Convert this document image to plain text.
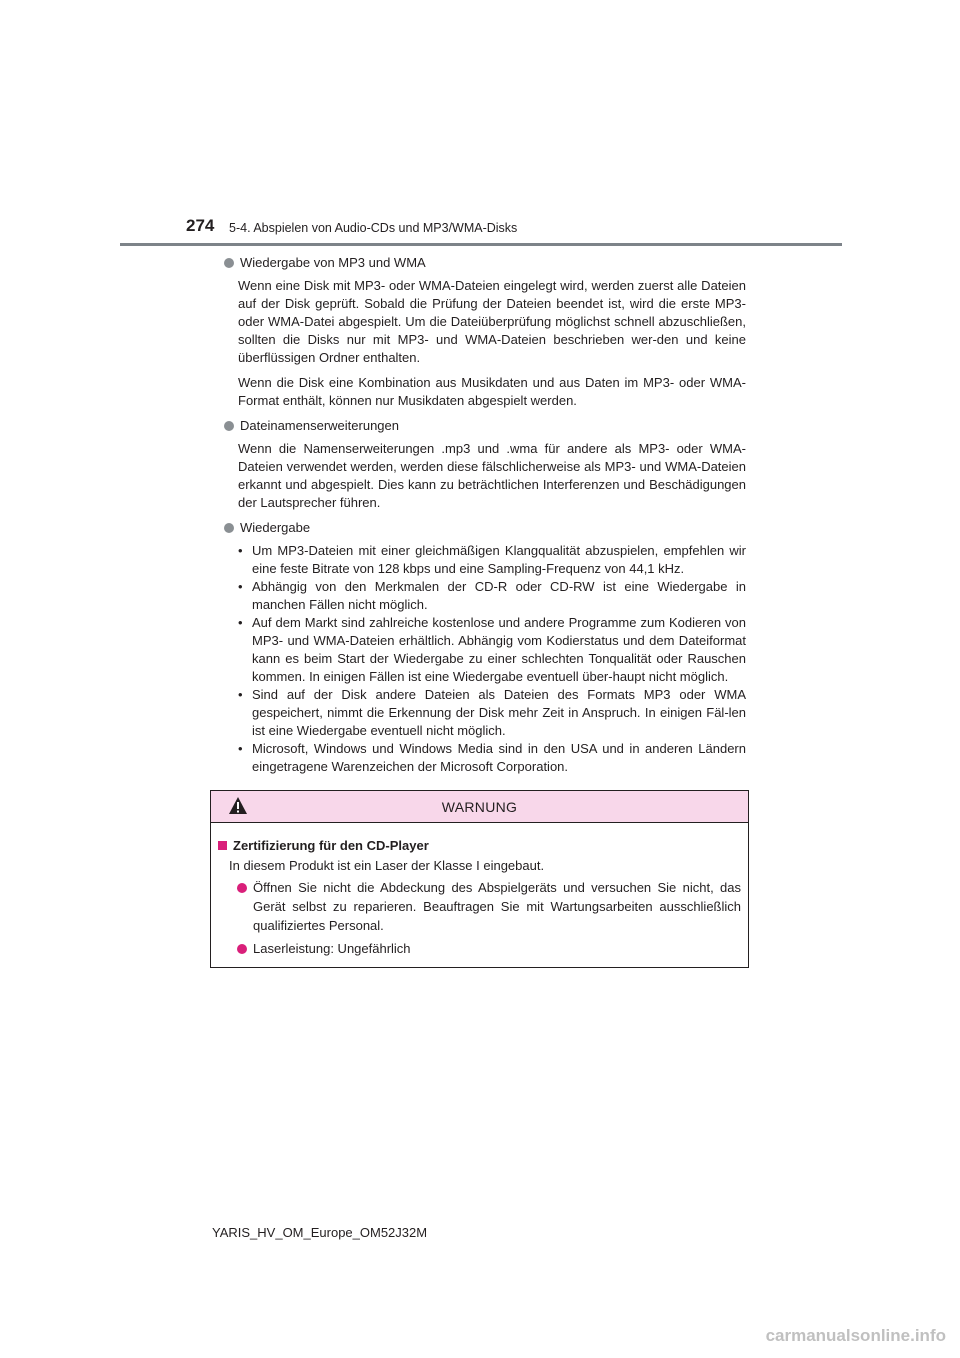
274 5-4. Abspielen von Audio-CDs und MP3/WMA-Disks
Wiedergabe von MP3 und WMA

Wenn eine Disk mit MP3- oder WMA-Dateien eingelegt wird, werden zuerst alle Dateien auf der Disk geprüft. Sobald die Prüfung der Dateien beendet ist, wird die erste MP3- oder WMA-Datei abgespielt. Um die Dateiüberprüfung möglichst schnell abzuschließen, sollten die Disks nur mit MP3- und WMA-Dateien beschrieben wer-den und keine überflüssigen Ordner enthalten.

Wenn die Disk eine Kombination aus Musikdaten und aus Daten im MP3- oder WMA-Format enthält, können nur Musikdaten abgespielt werden.

Dateinamenserweiterungen

Wenn die Namenserweiterungen .mp3 und .wma für andere als MP3- oder WMA-Dateien verwendet werden, werden diese fälschlicherweise als MP3- und WMA-Dateien erkannt und abgespielt. Dies kann zu beträchtlichen Interferenzen und Beschädigungen der Lautsprecher führen.

Wiedergabe
• Um MP3-Dateien mit einer gleichmäßigen Klangqualität abzuspielen, empfehlen wir eine feste Bitrate von 128 kbps und eine Sampling-Frequenz von 44,1 kHz.
• Abhängig von den Merkmalen der CD-R oder CD-RW ist eine Wiedergabe in manchen Fällen nicht möglich.
• Auf dem Markt sind zahlreiche kostenlose und andere Programme zum Kodieren von MP3- und WMA-Dateien erhältlich. Abhängig vom Kodierstatus und dem Dateiformat kann es beim Start der Wiedergabe zu einer schlechten Tonqualität oder Rauschen kommen. In einigen Fällen ist eine Wiedergabe eventuell über-haupt nicht möglich.
• Sind auf der Disk andere Dateien als Dateien des Formats MP3 oder WMA gespeichert, nimmt die Erkennung der Disk mehr Zeit in Anspruch. In einigen Fäl-len ist eine Wiedergabe eventuell nicht möglich.
• Microsoft, Windows und Windows Media sind in den USA und in anderen Ländern eingetragene Warenzeichen der Microsoft Corporation.
WARNUNG
Zertifizierung für den CD-Player
In diesem Produkt ist ein Laser der Klasse I eingebaut.
Öffnen Sie nicht die Abdeckung des Abspielgeräts und versuchen Sie nicht, das Gerät selbst zu reparieren. Beauftragen Sie mit Wartungsarbeiten ausschließlich qualifiziertes Personal.
Laserleistung: Ungefährlich
YARIS_HV_OM_Europe_OM52J32M
carmanualsonline.info
